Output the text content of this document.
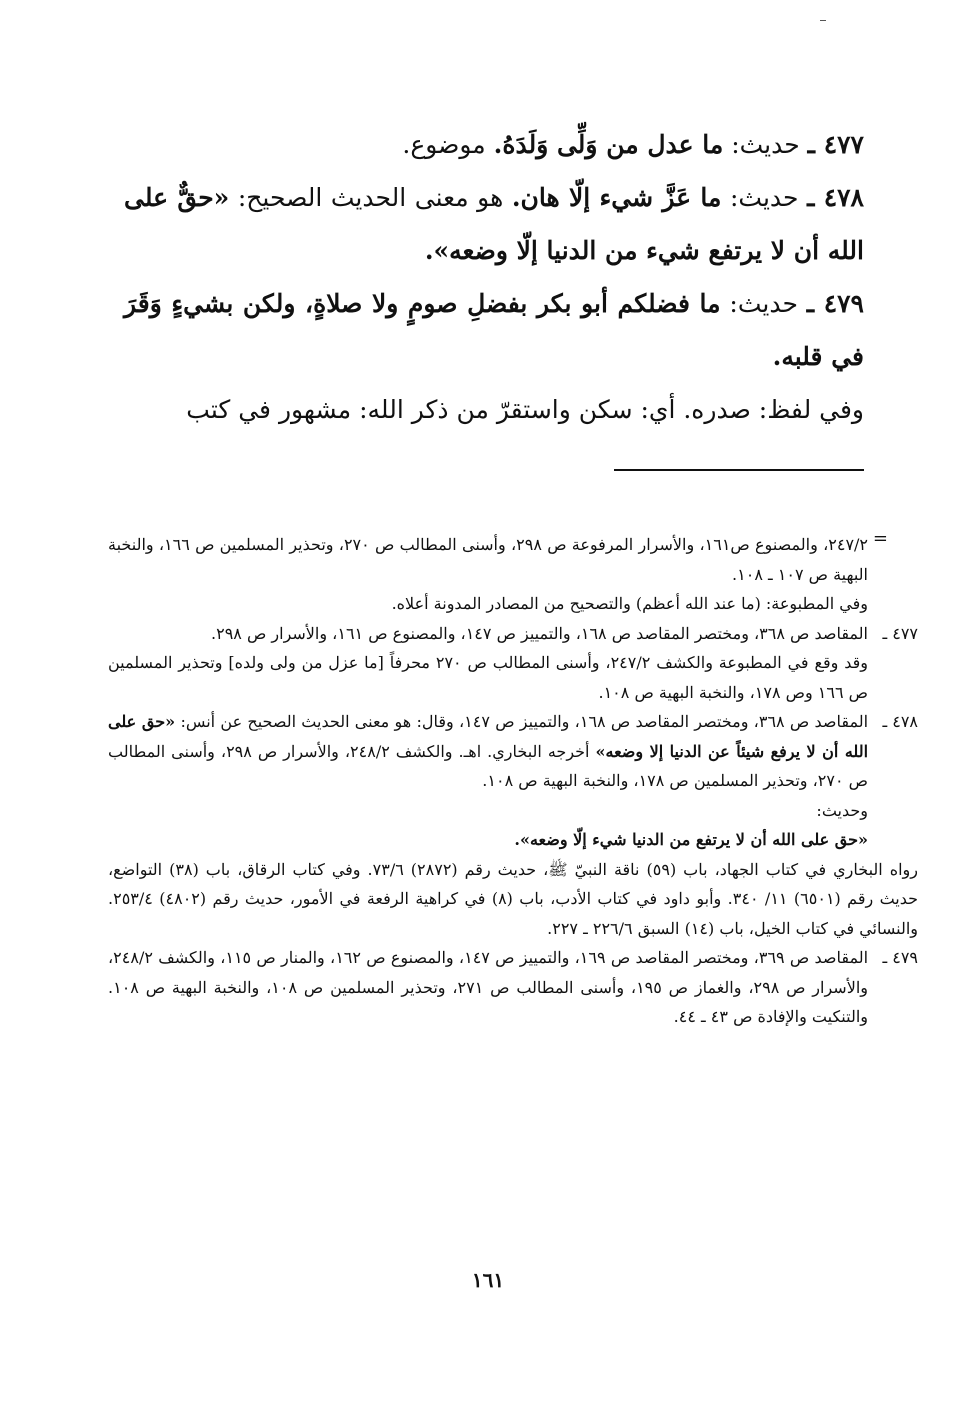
٤٧٧ ـ حديث: ما عدل من وَلِّى وَلَدَهُ. موضوع.

٤٧٨ ـ حديث: ما عَزَّ شيء إلّا هان. هو معنى الحديث الصحيح: «حقٌّ على الله أن لا يرتفع شيء من الدنيا إلّا وضعه».

٤٧٩ ـ حديث: ما فضلكم أبو بكر بفضلِ صومٍ ولا صلاةٍ، ولكن بشيءٍ وَقَرَ في قلبه.

وفي لفظ: صدره. أي: سكن واستقرّ من ذكر الله: مشهور في كتب

=

٢٤٧/٢، والمصنوع ص١٦١، والأسرار المرفوعة ص ٢٩٨، وأسنى المطالب ص ٢٧٠، وتحذير المسلمين ص ١٦٦، والنخبة البهية ص ١٠٧ ـ ١٠٨.
وفي المطبوعة: (ما عند الله أعظم) والتصحيح من المصادر المدونة أعلاه.

٤٧٧ ـ

المقاصد ص ٣٦٨، ومختصر المقاصد ص ١٦٨، والتمييز ص ١٤٧، والمصنوع ص ١٦١، والأسرار ص ٢٩٨.

وقد وقع في المطبوعة والكشف ٢٤٧/٢، وأسنى المطالب ص ٢٧٠ محرفاً [ما عزل من ولى ولده] وتحذير المسلمين ص ١٦٦ وص ١٧٨، والنخبة البهية ص ١٠٨.

٤٧٨ ـ

المقاصد ص ٣٦٨، ومختصر المقاصد ص ١٦٨، والتمييز ص ١٤٧، وقال: هو معنى الحديث الصحيح عن أنس: «حق على الله أن لا يرفع شيئاً عن الدنيا إلا وضعه» أخرجه البخاري. اهـ. والكشف ٢٤٨/٢، والأسرار ص ٢٩٨، وأسنى المطالب ص ٢٧٠، وتحذير المسلمين ص ١٧٨، والنخبة البهية ص ١٠٨.

وحديث:

«حق على الله أن لا يرتفع من الدنيا شيء إلّا وضعه».

رواه البخاري في كتاب الجهاد، باب (٥٩) ناقة النبيّ ﷺ، حديث رقم (٢٨٧٢) ٧٣/٦. وفي كتاب الرقاق، باب (٣٨) التواضع، حديث رقم (٦٥٠١) ١١/ ٣٤٠. وأبو داود في كتاب الأدب، باب (٨) في كراهية الرفعة في الأمور، حديث رقم (٤٨٠٢) ٢٥٣/٤. والنسائي في كتاب الخيل، باب (١٤) السبق ٢٢٦/٦ ـ ٢٢٧.

٤٧٩ ـ

المقاصد ص ٣٦٩، ومختصر المقاصد ص ١٦٩، والتمييز ص ١٤٧، والمصنوع ص ١٦٢، والمنار ص ١١٥، والكشف ٢٤٨/٢، والأسرار ص ٢٩٨، والغماز ص ١٩٥، وأسنى المطالب ص ٢٧١، وتحذير المسلمين ص ١٠٨، والنخبة البهية ص ١٠٨. والتنكيت والإفادة ص ٤٣ ـ ٤٤.

١٦١
